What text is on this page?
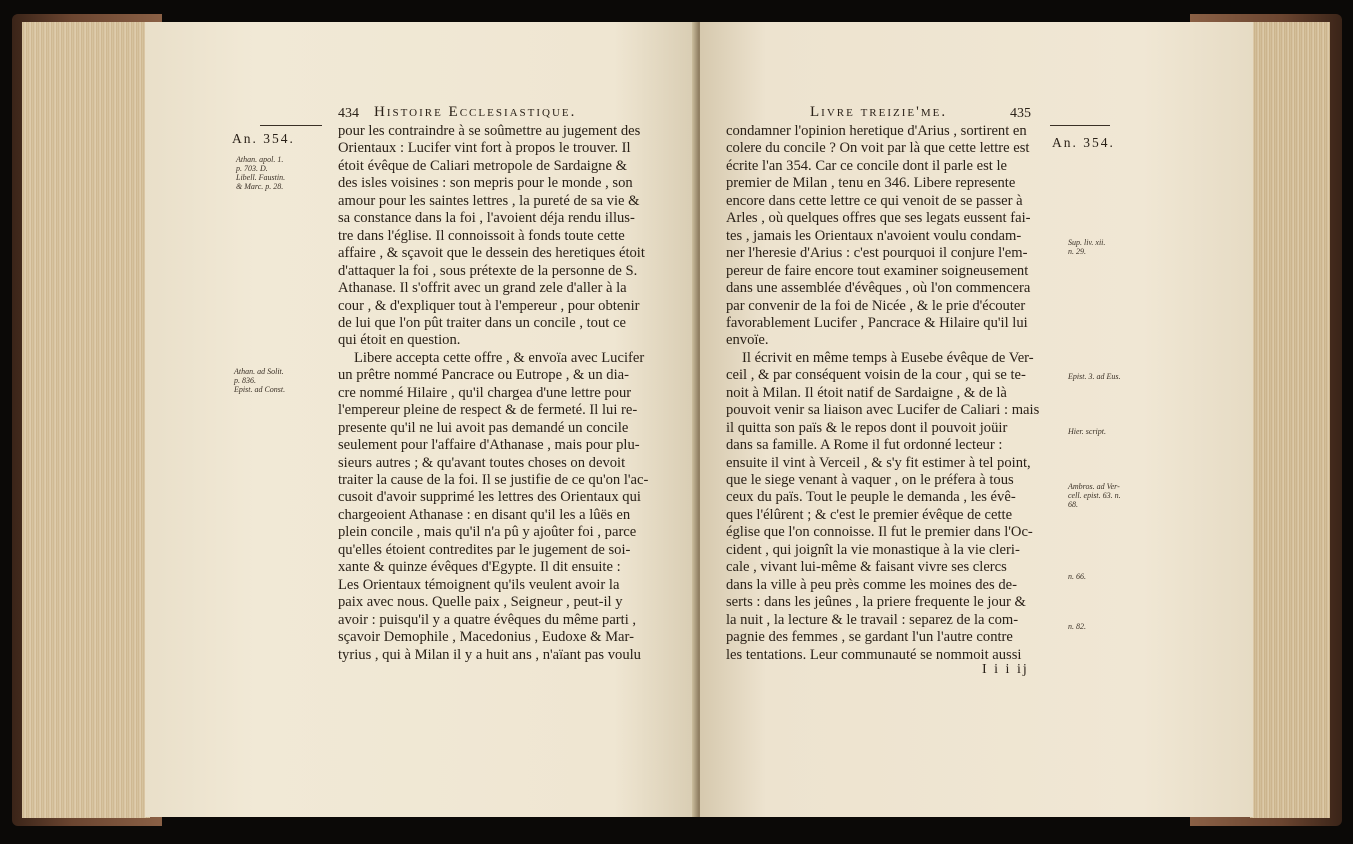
434 Histoire Ecclesiastique.
An. 354.
Athan. apol. 1.
p. 703. D.
Libell. Faustin.
& Marc. p. 28.
Athan. ad Solit.
p. 836.
Epist. ad Const.
pour les contraindre à se soûmettre au jugement des
Orientaux : Lucifer vint fort à propos le trouver. Il
étoit évêque de Caliari metropole de Sardaigne &
des isles voisines : son mepris pour le monde , son
amour pour les saintes lettres , la pureté de sa vie &
sa constance dans la foi , l'avoient déja rendu illus-
tre dans l'église. Il connoissoit à fonds toute cette
affaire , & sçavoit que le dessein des heretiques étoit
d'attaquer la foi , sous prétexte de la personne de S.
Athanase. Il s'offrit avec un grand zele d'aller à la
cour , & d'expliquer tout à l'empereur , pour obtenir
de lui que l'on pût traiter dans un concile , tout ce
qui étoit en question.
Libere accepta cette offre , & envoïa avec Lucifer
un prêtre nommé Pancrace ou Eutrope , & un dia-
cre nommé Hilaire , qu'il chargea d'une lettre pour
l'empereur pleine de respect & de fermeté. Il lui re-
presente qu'il ne lui avoit pas demandé un concile
seulement pour l'affaire d'Athanase , mais pour plu-
sieurs autres ; & qu'avant toutes choses on devoit
traiter la cause de la foi. Il se justifie de ce qu'on l'ac-
cusoit d'avoir supprimé les lettres des Orientaux qui
chargeoient Athanase : en disant qu'il les a lûës en
plein concile , mais qu'il n'a pû y ajoûter foi , parce
qu'elles étoient contredites par le jugement de soi-
xante & quinze évêques d'Egypte. Il dit ensuite :
Les Orientaux témoignent qu'ils veulent avoir la
paix avec nous. Quelle paix , Seigneur , peut-il y
avoir : puisqu'il y a quatre évêques du même parti ,
sçavoir Demophile , Macedonius , Eudoxe & Mar-
tyrius , qui à Milan il y a huit ans , n'aïant pas voulu
Livre treizie'me.	435
An. 354.
Sup. liv. xii.
n. 29.
Epist. 3. ad Eus.
Hier. script.
Ambros. ad Ver-
cell. epist. 63. n.
68.
n. 66.
n. 82.
condamner l'opinion heretique d'Arius , sortirent en
colere du concile ? On voit par là que cette lettre est
écrite l'an 354. Car ce concile dont il parle est le
premier de Milan , tenu en 346. Libere represente
encore dans cette lettre ce qui venoit de se passer à
Arles , où quelques offres que ses legats eussent fai-
tes , jamais les Orientaux n'avoient voulu condam-
ner l'heresie d'Arius : c'est pourquoi il conjure l'em-
pereur de faire encore tout examiner soigneusement
dans une assemblée d'évêques , où l'on commencera
par convenir de la foi de Nicée , & le prie d'écouter
favorablement Lucifer , Pancrace & Hilaire qu'il lui
envoïe.
Il écrivit en même temps à Eusebe évêque de Ver-
ceil , & par conséquent voisin de la cour , qui se te-
noit à Milan. Il étoit natif de Sardaigne , & de là
pouvoit venir sa liaison avec Lucifer de Caliari : mais
il quitta son païs & le repos dont il pouvoit joüir
dans sa famille. A Rome il fut ordonné lecteur :
ensuite il vint à Verceil , & s'y fit estimer à tel point,
que le siege venant à vaquer , on le préfera à tous
ceux du païs. Tout le peuple le demanda , les évê-
ques l'élûrent ; & c'est le premier évêque de cette
église que l'on connoisse. Il fut le premier dans l'Oc-
cident , qui joignît la vie monastique à la vie cleri-
cale , vivant lui-même & faisant vivre ses clercs
dans la ville à peu près comme les moines des de-
serts : dans les jeûnes , la priere frequente le jour &
la nuit , la lecture & le travail : separez de la com-
pagnie des femmes , se gardant l'un l'autre contre
les tentations. Leur communauté se nommoit aussi
I i i ij
